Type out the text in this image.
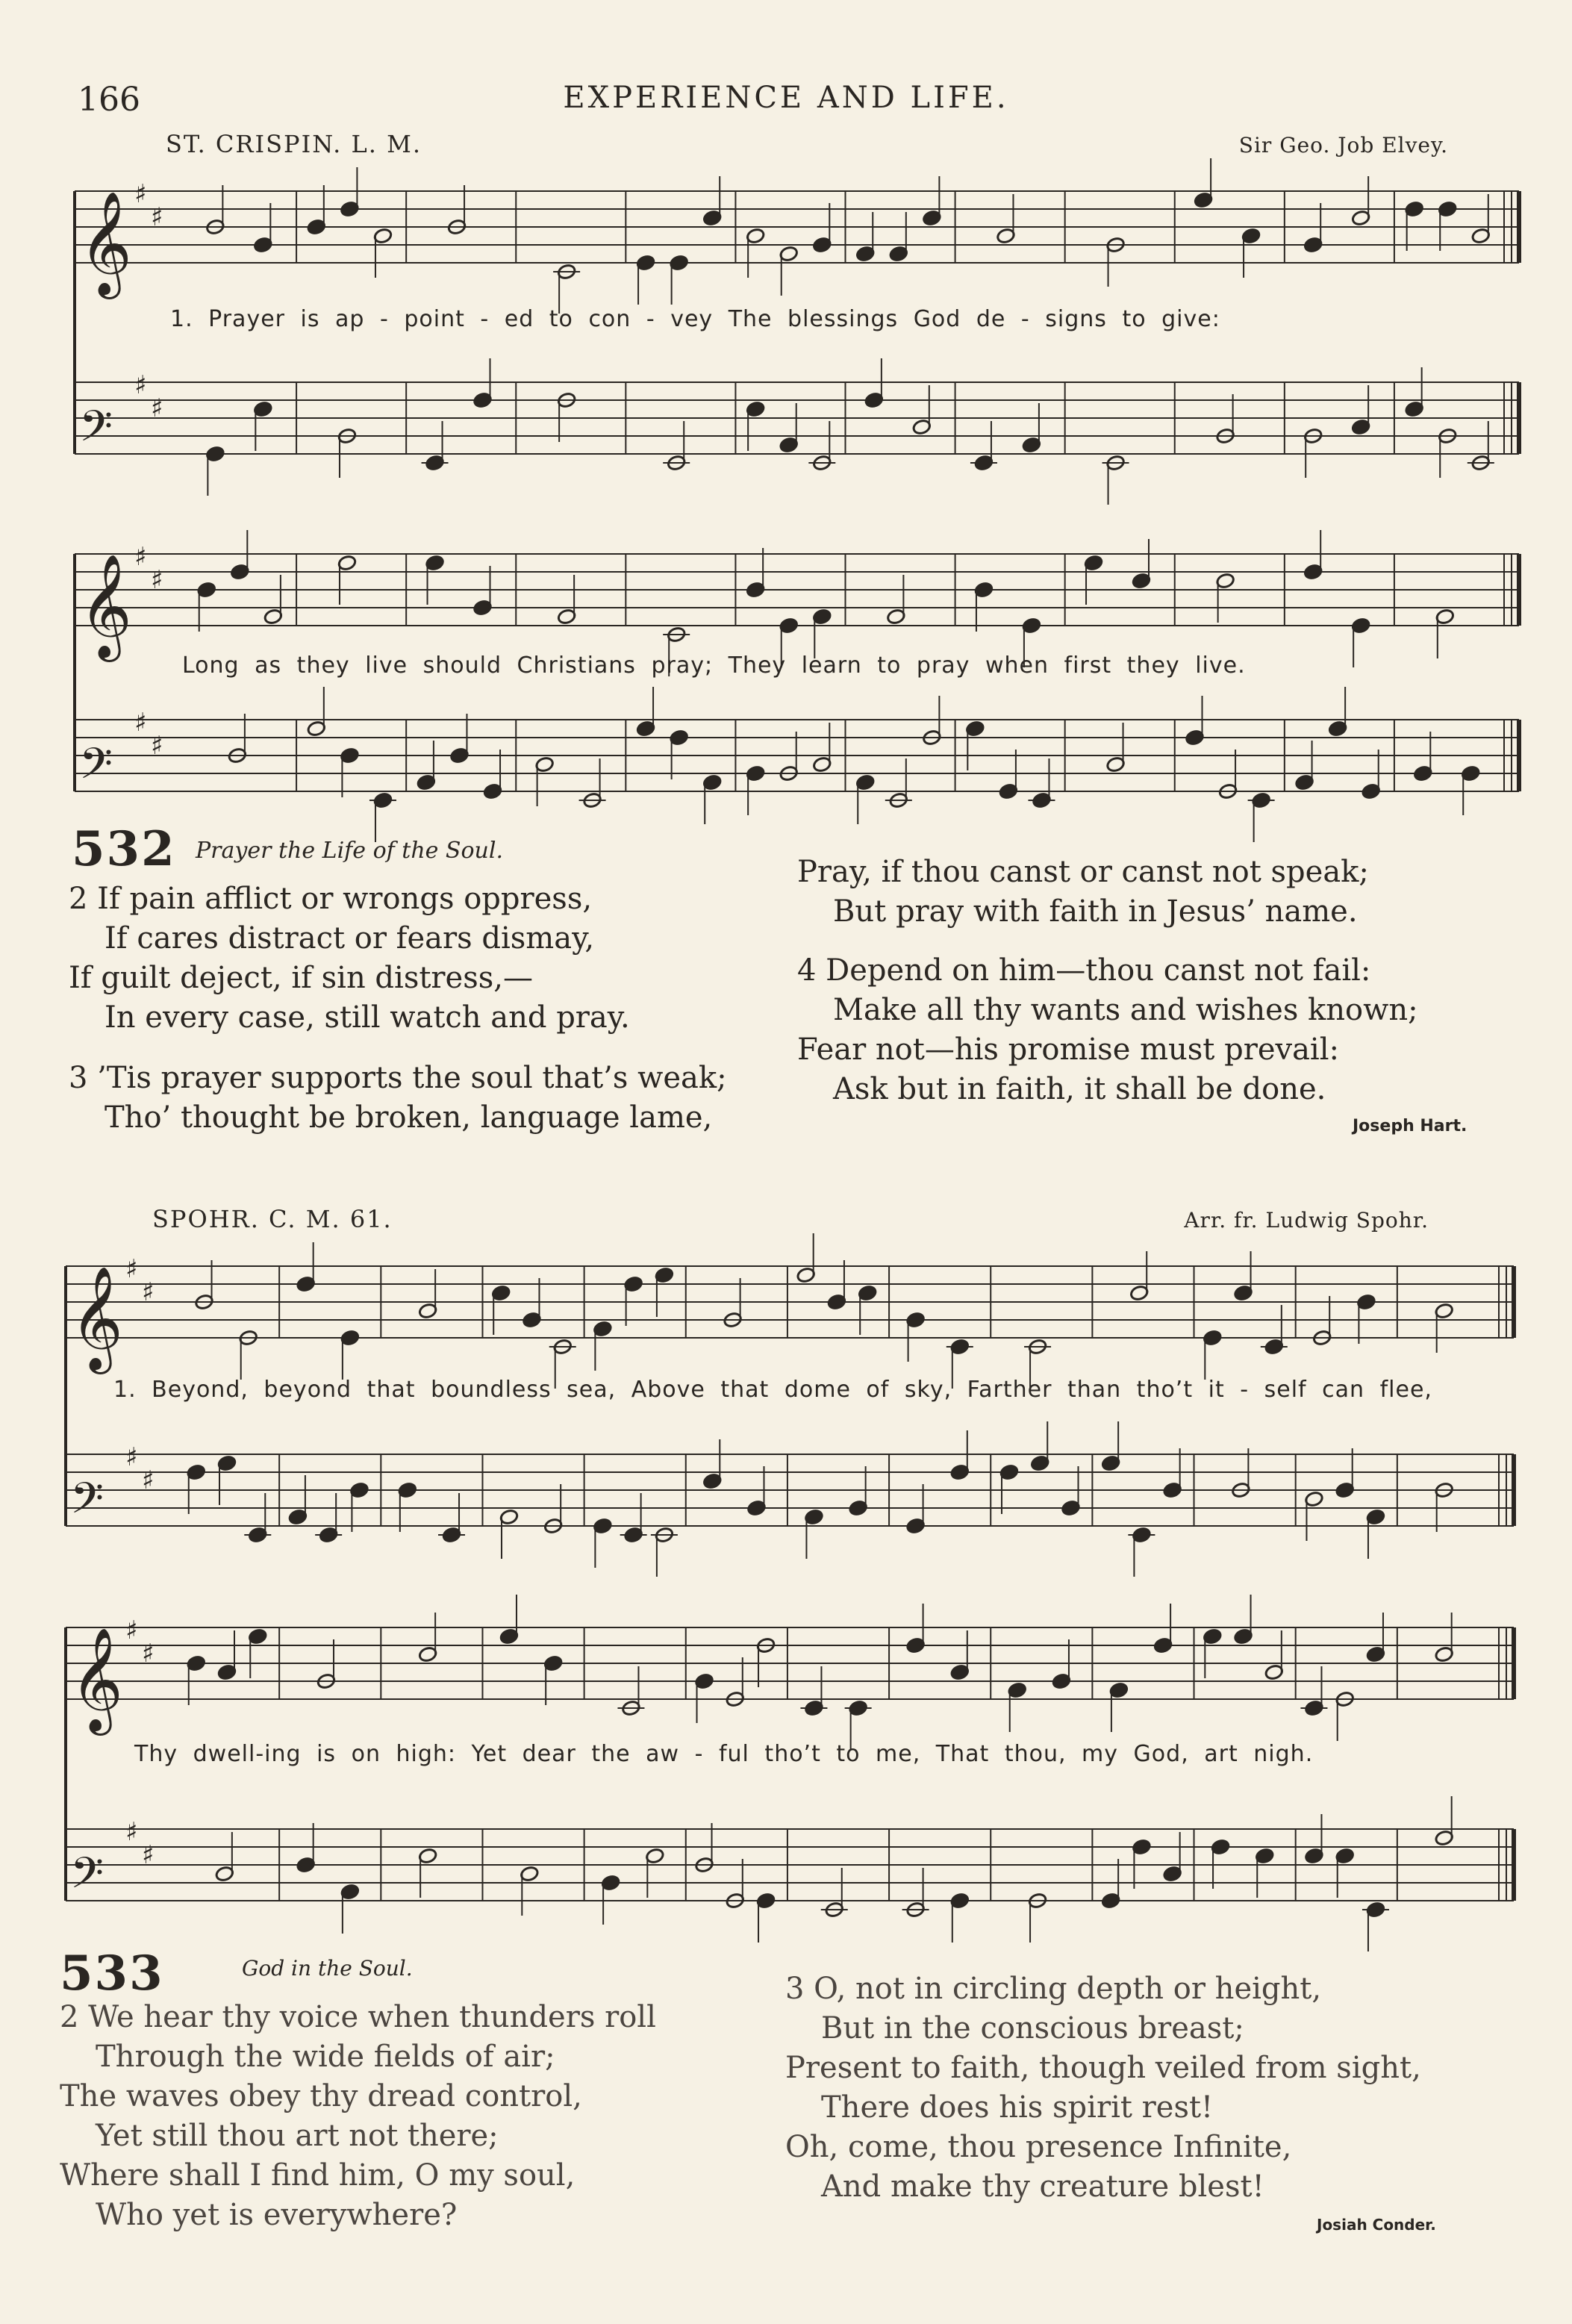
EXPERIENCE AND LIFE.
166
ST. CRISPIN. L. M.	Sir Geo. Job Elvey.
𝄞 ♯
♯
𝄢
♯
♯
1. Prayer is ap - point - ed to con - vey The blessings God de - signs to give:
𝄞 ♯
♯
𝄢
♯
♯
Long as they live should Christians pray; They learn to pray when first they live.
532 Prayer the Life of the Soul.
2 If pain afflict or wrongs oppress,
If cares distract or fears dismay,
If guilt deject, if sin distress,—
In every case, still watch and pray.
3 ’Tis prayer supports the soul that’s weak;
Tho’ thought be broken, language lame,
Pray, if thou canst or canst not speak;
But pray with faith in Jesus’ name.
4 Depend on him—thou canst not fail:
Make all thy wants and wishes known;
Fear not—his promise must prevail:
Ask but in faith, it shall be done.
Joseph Hart.
SPOHR. C. M. 61.	Arr. fr. Ludwig Spohr.
𝄞 ♯
♯
𝄢
♯
♯
1. Beyond, beyond that boundless sea, Above that dome of sky, Farther than tho’t it - self can flee,
𝄞 ♯
♯
𝄢
♯
♯
Thy dwell-ing is on high: Yet dear the aw - ful tho’t to me, That thou, my God, art nigh.
533	God in the Soul.
2 We hear thy voice when thunders roll
Through the wide fields of air;
The waves obey thy dread control,
Yet still thou art not there;
Where shall I find him, O my soul,
Who yet is everywhere?
3 O, not in circling depth or height,
But in the conscious breast;
Present to faith, though veiled from sight,
There does his spirit rest!
Oh, come, thou presence Infinite,
And make thy creature blest!
Josiah Conder.
